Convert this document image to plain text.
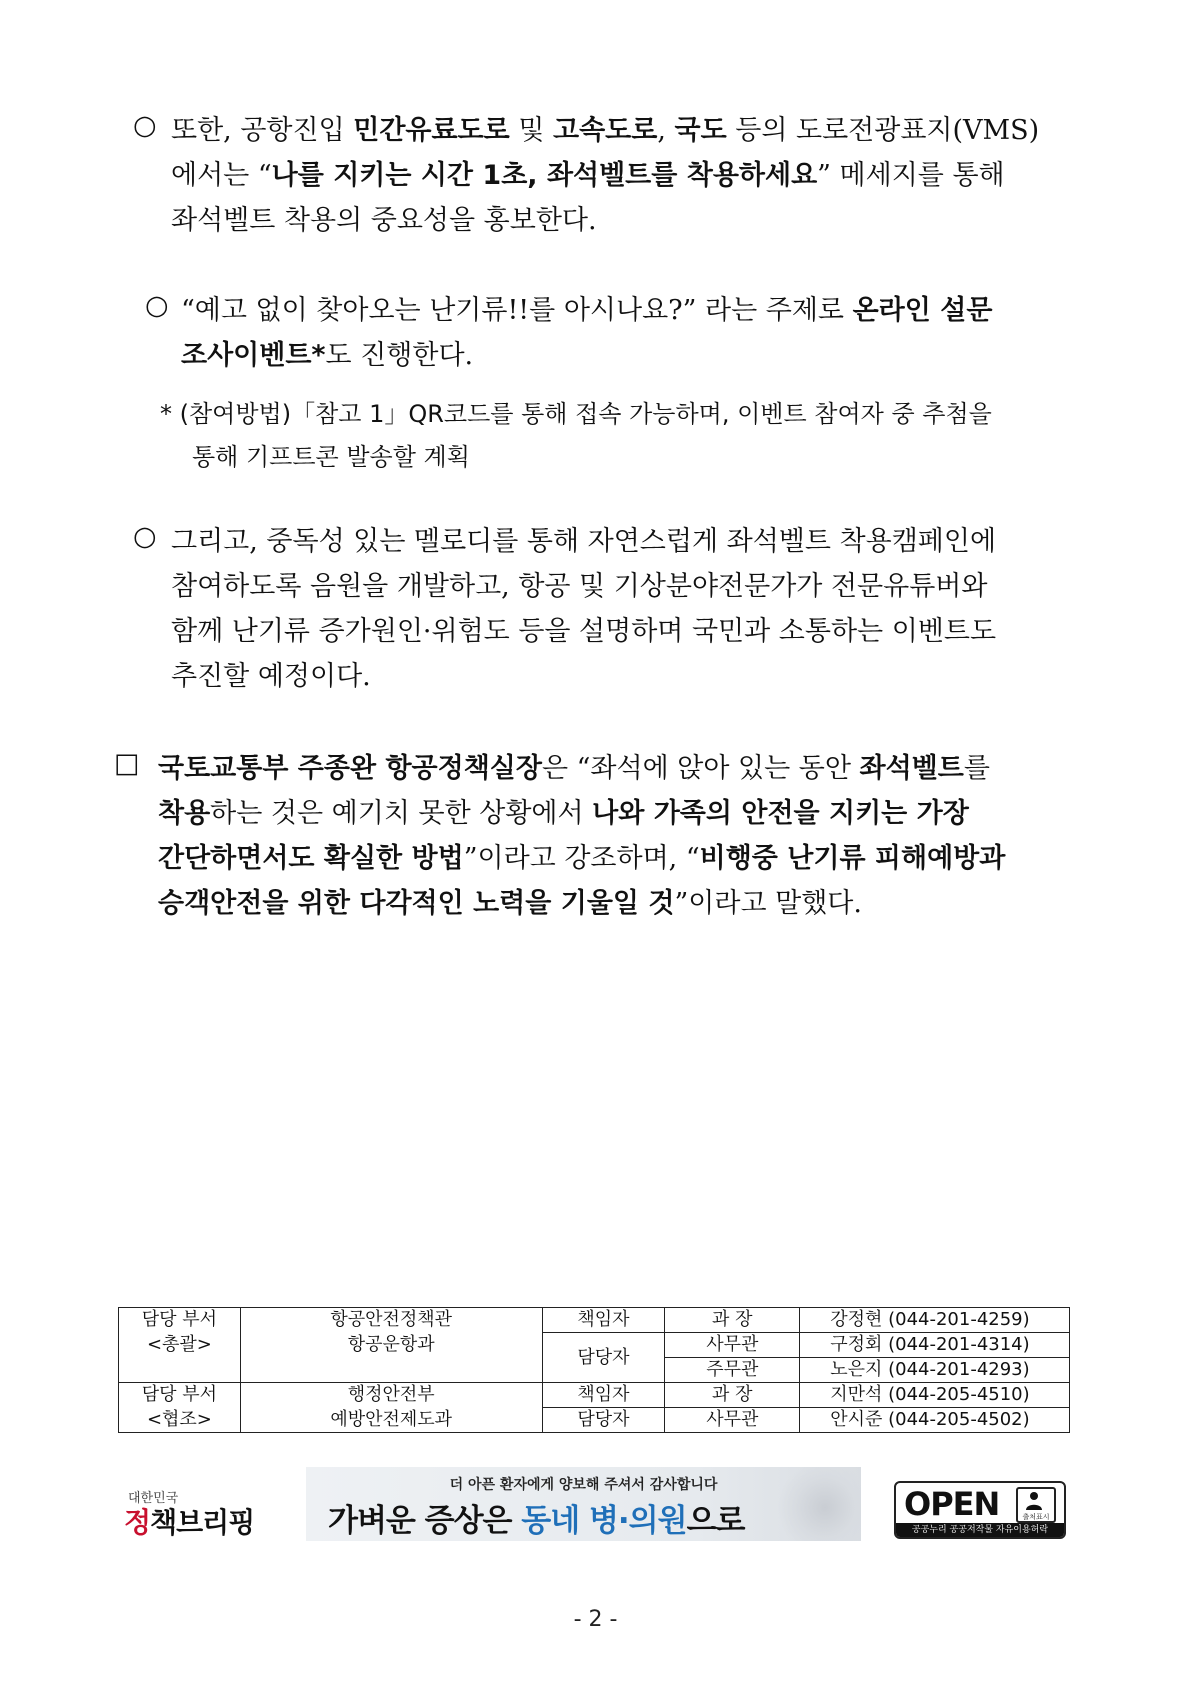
○ 또한, 공항진입 민간유료도로 및 고속도로, 국도 등의 도로전광표지(VMS)
에서는 “나를 지키는 시간 1초, 좌석벨트를 착용하세요” 메세지를 통해
좌석벨트 착용의 중요성을 홍보한다.
○ “예고 없이 찾아오는 난기류!!를 아시나요?” 라는 주제로 온라인 설문
조사이벤트*도 진행한다.
* (참여방법)「참고 1」QR코드를 통해 접속 가능하며, 이벤트 참여자 중 추첨을
통해 기프트콘 발송할 계획
○ 그리고, 중독성 있는 멜로디를 통해 자연스럽게 좌석벨트 착용캠페인에
참여하도록 음원을 개발하고, 항공 및 기상분야전문가가 전문유튜버와
함께 난기류 증가원인·위험도 등을 설명하며 국민과 소통하는 이벤트도
추진할 예정이다.
□ 국토교통부 주종완 항공정책실장은 “좌석에 앉아 있는 동안 좌석벨트를
착용하는 것은 예기치 못한 상황에서 나와 가족의 안전을 지키는 가장
간단하면서도 확실한 방법”이라고 강조하며, “비행중 난기류 피해예방과
승객안전을 위한 다각적인 노력을 기울일 것”이라고 말했다.
담당 부서	항공안전정책관	책임자	과 장	강정현 (044-201-4259)
<총괄>	항공운항과	담당자	사무관	구정회 (044-201-4314)
			주무관	노은지 (044-201-4293)
담당 부서	행정안전부	책임자	과 장	지만석 (044-205-4510)
<협조>	예방안전제도과	담당자	사무관	안시준 (044-205-4502)
대한민국
정책브리핑
더 아픈 환자에게 양보해 주셔서 감사합니다
가벼운 증상은 동네 병·의원으로	OPEN	출처표시
공공누리 공공저작물 자유이용허락
- 2 -
